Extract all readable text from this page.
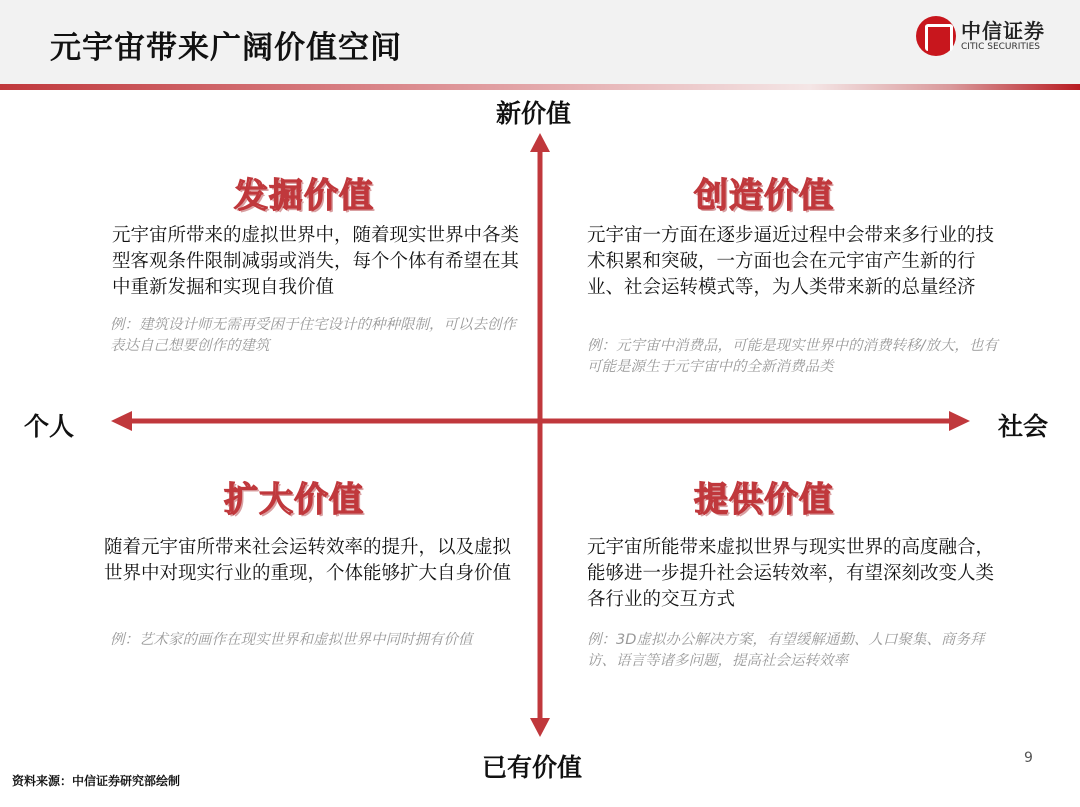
元宇宙带来广阔价值空间	中信证券
CITIC SECURITIES
新价值
已有价值
个人	社会
发掘价值
元宇宙所带来的虚拟世界中，随着现实世界中各类型客观条件限制减弱或消失，每个个体有希望在其中重新发掘和实现自我价值
例：建筑设计师无需再受困于住宅设计的种种限制，可以去创作表达自己想要创作的建筑
创造价值
元宇宙一方面在逐步逼近过程中会带来多行业的技术积累和突破，一方面也会在元宇宙产生新的行业、社会运转模式等，为人类带来新的总量经济
例：元宇宙中消费品，可能是现实世界中的消费转移/放大，也有可能是源生于元宇宙中的全新消费品类
扩大价值
随着元宇宙所带来社会运转效率的提升，以及虚拟世界中对现实行业的重现，个体能够扩大自身价值
例：艺术家的画作在现实世界和虚拟世界中同时拥有价值
提供价值
元宇宙所能带来虚拟世界与现实世界的高度融合，能够进一步提升社会运转效率，有望深刻改变人类各行业的交互方式
例：3D虚拟办公解决方案，有望缓解通勤、人口聚集、商务拜访、语言等诸多问题，提高社会运转效率
资料来源：中信证券研究部绘制
9
